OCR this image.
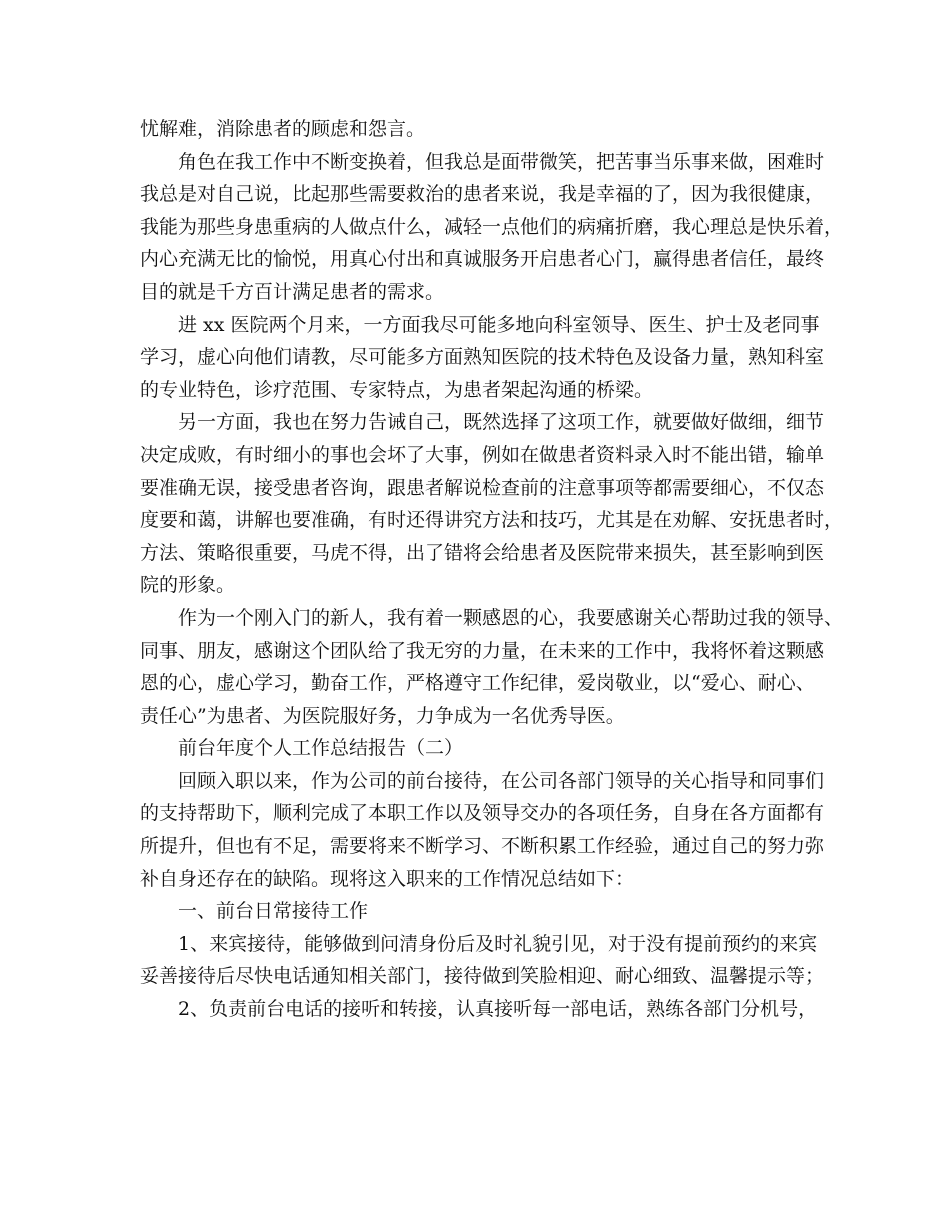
忧解难，消除患者的顾虑和怨言。
角色在我工作中不断变换着，但我总是面带微笑，把苦事当乐事来做，困难时
我总是对自己说，比起那些需要救治的患者来说，我是幸福的了，因为我很健康，
我能为那些身患重病的人做点什么，减轻一点他们的病痛折磨，我心理总是快乐着，
内心充满无比的愉悦，用真心付出和真诚服务开启患者心门，赢得患者信任，最终
目的就是千方百计满足患者的需求。
进 xx 医院两个月来，一方面我尽可能多地向科室领导、医生、护士及老同事
学习，虚心向他们请教，尽可能多方面熟知医院的技术特色及设备力量，熟知科室
的专业特色，诊疗范围、专家特点，为患者架起沟通的桥梁。
另一方面，我也在努力告诫自己，既然选择了这项工作，就要做好做细，细节
决定成败，有时细小的事也会坏了大事，例如在做患者资料录入时不能出错，输单
要准确无误，接受患者咨询，跟患者解说检查前的注意事项等都需要细心，不仅态
度要和蔼，讲解也要准确，有时还得讲究方法和技巧，尤其是在劝解、安抚患者时，
方法、策略很重要，马虎不得，出了错将会给患者及医院带来损失，甚至影响到医
院的形象。
作为一个刚入门的新人，我有着一颗感恩的心，我要感谢关心帮助过我的领导、
同事、朋友，感谢这个团队给了我无穷的力量，在未来的工作中，我将怀着这颗感
恩的心，虚心学习，勤奋工作，严格遵守工作纪律，爱岗敬业，以“爱心、耐心、
责任心”为患者、为医院服好务，力争成为一名优秀导医。
前台年度个人工作总结报告（二）
回顾入职以来，作为公司的前台接待，在公司各部门领导的关心指导和同事们
的支持帮助下，顺利完成了本职工作以及领导交办的各项任务，自身在各方面都有
所提升，但也有不足，需要将来不断学习、不断积累工作经验，通过自己的努力弥
补自身还存在的缺陷。现将这入职来的工作情况总结如下：
一、前台日常接待工作
1、来宾接待，能够做到问清身份后及时礼貌引见，对于没有提前预约的来宾
妥善接待后尽快电话通知相关部门，接待做到笑脸相迎、耐心细致、温馨提示等；
2、负责前台电话的接听和转接，认真接听每一部电话，熟练各部门分机号，
